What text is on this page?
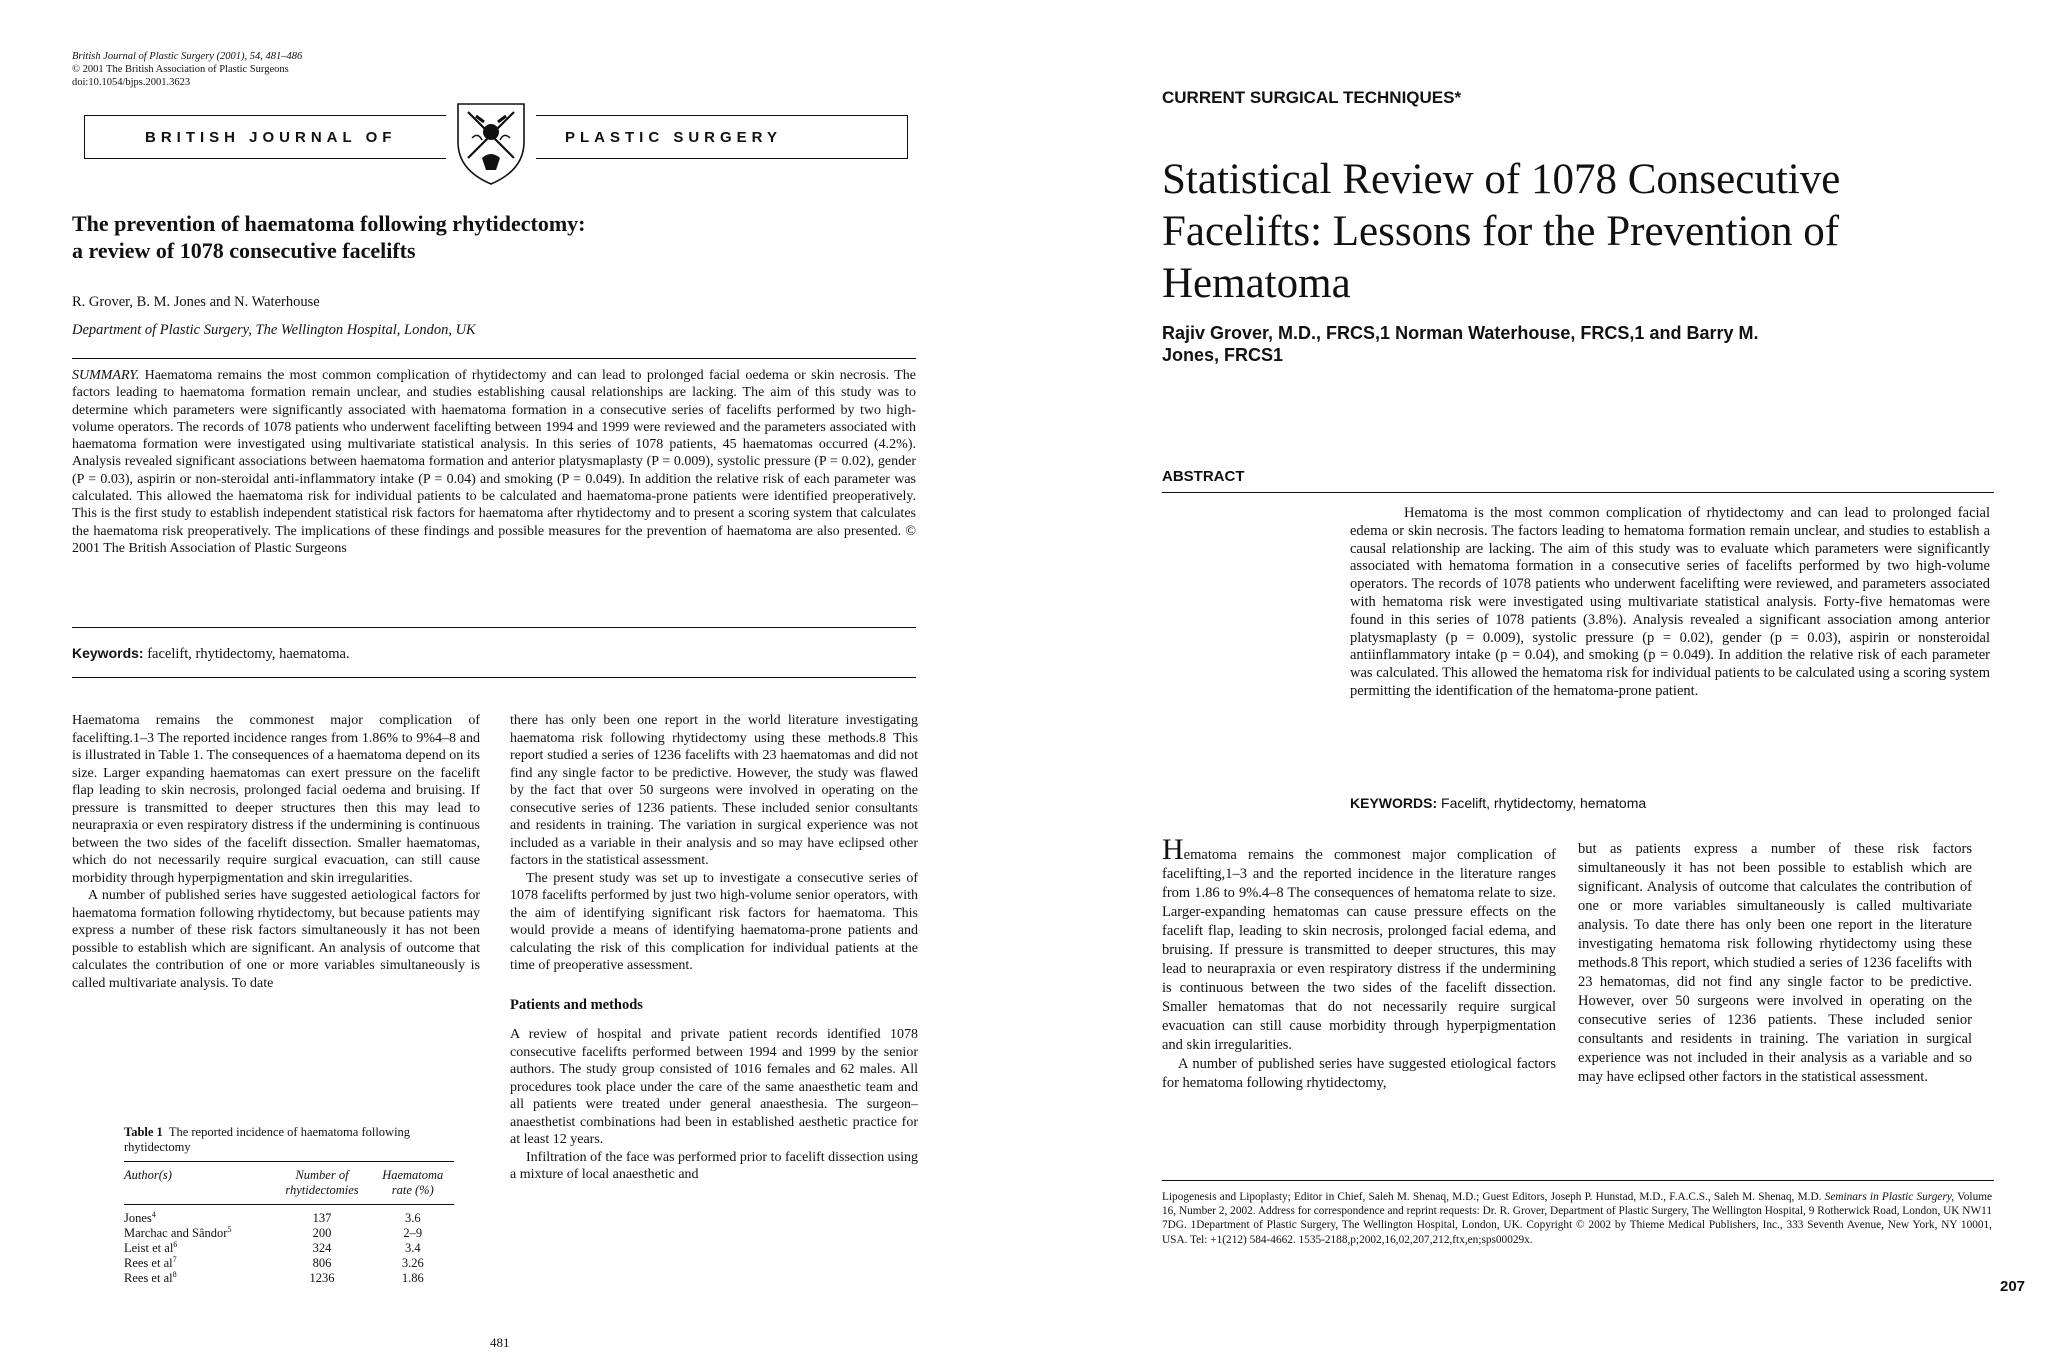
British Journal of Plastic Surgery (2001), 54, 481–486
© 2001 The British Association of Plastic Surgeons
doi:10.1054/bjps.2001.3623
BRITISH JOURNAL OF	PLASTIC SURGERY
The prevention of haematoma following rhytidectomy:
a review of 1078 consecutive facelifts
R. Grover, B. M. Jones and N. Waterhouse
Department of Plastic Surgery, The Wellington Hospital, London, UK
SUMMARY. Haematoma remains the most common complication of rhytidectomy and can lead to prolonged facial oedema or skin necrosis. The factors leading to haematoma formation remain unclear, and studies establishing causal relationships are lacking. The aim of this study was to determine which parameters were significantly associated with haematoma formation in a consecutive series of facelifts performed by two high-volume operators. The records of 1078 patients who underwent facelifting between 1994 and 1999 were reviewed and the parameters associated with haematoma formation were investigated using multivariate statistical analysis. In this series of 1078 patients, 45 haematomas occurred (4.2%). Analysis revealed significant associations between haematoma formation and anterior platysmaplasty (P = 0.009), systolic pressure (P = 0.02), gender (P = 0.03), aspirin or non-steroidal anti-inflammatory intake (P = 0.04) and smoking (P = 0.049). In addition the relative risk of each parameter was calculated. This allowed the haematoma risk for individual patients to be calculated and haematoma-prone patients were identified preoperatively. This is the first study to establish independent statistical risk factors for haematoma after rhytidectomy and to present a scoring system that calculates the haematoma risk preoperatively. The implications of these findings and possible measures for the prevention of haematoma are also presented. © 2001 The British Association of Plastic Surgeons
Keywords: facelift, rhytidectomy, haematoma.

Haematoma remains the commonest major complication of facelifting.1–3 The reported incidence ranges from 1.86% to 9%4–8 and is illustrated in Table 1. The consequences of a haematoma depend on its size. Larger expanding haematomas can exert pressure on the facelift flap leading to skin necrosis, prolonged facial oedema and bruising. If pressure is transmitted to deeper structures then this may lead to neurapraxia or even respiratory distress if the undermining is continuous between the two sides of the facelift dissection. Smaller haematomas, which do not necessarily require surgical evacuation, can still cause morbidity through hyperpigmentation and skin irregularities.

A number of published series have suggested aetiological factors for haematoma formation following rhytidectomy, but because patients may express a number of these risk factors simultaneously it has not been possible to establish which are significant. An analysis of outcome that calculates the contribution of one or more variables simultaneously is called multivariate analysis. To date

there has only been one report in the world literature investigating haematoma risk following rhytidectomy using these methods.8 This report studied a series of 1236 facelifts with 23 haematomas and did not find any single factor to be predictive. However, the study was flawed by the fact that over 50 surgeons were involved in operating on the consecutive series of 1236 patients. These included senior consultants and residents in training. The variation in surgical experience was not included as a variable in their analysis and so may have eclipsed other factors in the statistical assessment.

The present study was set up to investigate a consecutive series of 1078 facelifts performed by just two high-volume senior operators, with the aim of identifying significant risk factors for haematoma. This would provide a means of identifying haematoma-prone patients and calculating the risk of this complication for individual patients at the time of preoperative assessment.

Patients and methods

A review of hospital and private patient records identified 1078 consecutive facelifts performed between 1994 and 1999 by the senior authors. The study group consisted of 1016 females and 62 males. All procedures took place under the care of the same anaesthetic team and all patients were treated under general anaesthesia. The surgeon–anaesthetist combinations had been in established aesthetic practice for at least 12 years.

Infiltration of the face was performed prior to facelift dissection using a mixture of local anaesthetic and

Table 1 The reported incidence of haematoma following rhytidectomy
Author(s)	Number of rhytidectomies	Haematoma rate (%)

Jones$^4$	137	3.6
Marchac and Sândor$^5$	200	2–9
Leist et $al^6$	324	3.4
Rees et $al^7$	806	3.26
Rees et $al^8$	1236	1.86
481
CURRENT SURGICAL TECHNIQUES*
Statistical Review of 1078 Consecutive Facelifts: Lessons for the Prevention of Hematoma
Rajiv Grover, M.D., FRCS,1 Norman Waterhouse, FRCS,1 and Barry M. Jones, FRCS1
ABSTRACT

Hematoma is the most common complication of rhytidectomy and can lead to prolonged facial edema or skin necrosis. The factors leading to hematoma formation remain unclear, and studies to establish a causal relationship are lacking. The aim of this study was to evaluate which parameters were significantly associated with hematoma formation in a consecutive series of facelifts performed by two high-volume operators. The records of 1078 patients who underwent facelifting were reviewed, and parameters associated with hematoma risk were investigated using multivariate statistical analysis. Forty-five hematomas were found in this series of 1078 patients (3.8%). Analysis revealed a significant association among anterior platysmaplasty (p = 0.009), systolic pressure (p = 0.02), gender (p = 0.03), aspirin or nonsteroidal antiinflammatory intake (p = 0.04), and smoking (p = 0.049). In addition the relative risk of each parameter was calculated. This allowed the hematoma risk for individual patients to be calculated using a scoring system permitting the identification of the hematoma-prone patient.

KEYWORDS: Facelift, rhytidectomy, hematoma

Hematoma remains the commonest major complication of facelifting,1–3 and the reported incidence in the literature ranges from 1.86 to 9%.4–8 The consequences of hematoma relate to size. Larger-expanding hematomas can cause pressure effects on the facelift flap, leading to skin necrosis, prolonged facial edema, and bruising. If pressure is transmitted to deeper structures, this may lead to neurapraxia or even respiratory distress if the undermining is continuous between the two sides of the facelift dissection. Smaller hematomas that do not necessarily require surgical evacuation can still cause morbidity through hyperpigmentation and skin irregularities.

A number of published series have suggested etiological factors for hematoma following rhytidectomy,

but as patients express a number of these risk factors simultaneously it has not been possible to establish which are significant. Analysis of outcome that calculates the contribution of one or more variables simultaneously is called multivariate analysis. To date there has only been one report in the literature investigating hematoma risk following rhytidectomy using these methods.8 This report, which studied a series of 1236 facelifts with 23 hematomas, did not find any single factor to be predictive. However, over 50 surgeons were involved in operating on the consecutive series of 1236 patients. These included senior consultants and residents in training. The variation in surgical experience was not included in their analysis as a variable and so may have eclipsed other factors in the statistical assessment.

Lipogenesis and Lipoplasty; Editor in Chief, Saleh M. Shenaq, M.D.; Guest Editors, Joseph P. Hunstad, M.D., F.A.C.S., Saleh M. Shenaq, M.D. Seminars in Plastic Surgery, Volume 16, Number 2, 2002. Address for correspondence and reprint requests: Dr. R. Grover, Department of Plastic Surgery, The Wellington Hospital, 9 Rotherwick Road, London, UK NW11 7DG. 1Department of Plastic Surgery, The Wellington Hospital, London, UK. Copyright © 2002 by Thieme Medical Publishers, Inc., 333 Seventh Avenue, New York, NY 10001, USA. Tel: +1(212) 584-4662. 1535-2188,p;2002,16,02,207,212,ftx,en;sps00029x.
207
